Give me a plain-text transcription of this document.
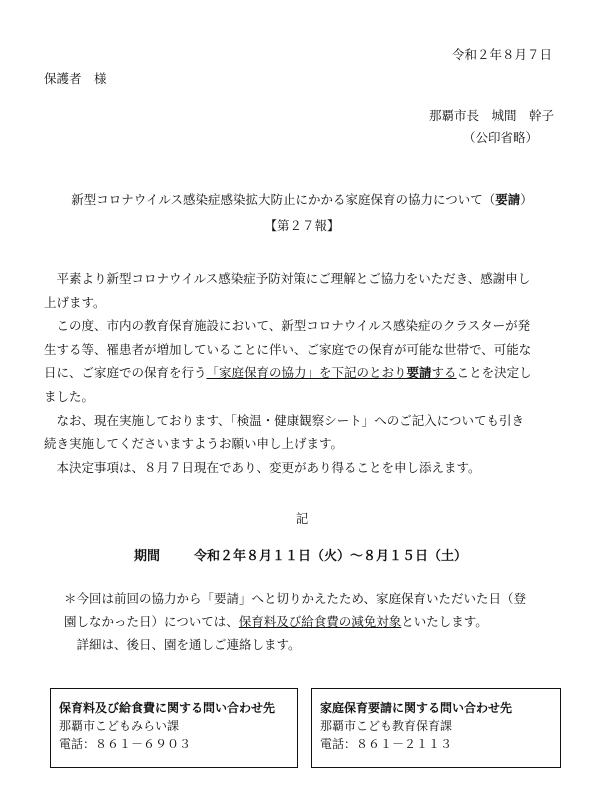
令和２年８月７日
保護者　様
那覇市長　城間　幹子
（公印省略）
新型コロナウイルス感染症感染拡大防止にかかる家庭保育の協力について（要請）
【第２７報】

　平素より新型コロナウイルス感染症予防対策にご理解とご協力をいただき、感謝申し

上げます。

　この度、市内の教育保育施設において、新型コロナウイルス感染症のクラスターが発

生する等、罹患者が増加していることに伴い、ご家庭での保育が可能な世帯で、可能な

日に、ご家庭での保育を行う「家庭保育の協力」を下記のとおり要請することを決定し

ました。

　なお、現在実施しております、「検温・健康観察シート」へのご記入についても引き

続き実施してくださいますようお願い申し上げます。

　本決定事項は、８月７日現在であり、変更があり得ることを申し添えます。

記
期間	令和２年８月１１日（火）～８月１５日（土）

＊今回は前回の協力から「要請」へと切りかえたため、家庭保育いただいた日（登

園しなかった日）については、保育料及び給食費の減免対象といたします。

　詳細は、後日、園を通しご連絡します。

保育料及び給食費に関する問い合わせ先
那覇市こどもみらい課
電話：８６１－６９０３
家庭保育要請に関する問い合わせ先
那覇市こども教育保育課
電話：８６１－２１１３
